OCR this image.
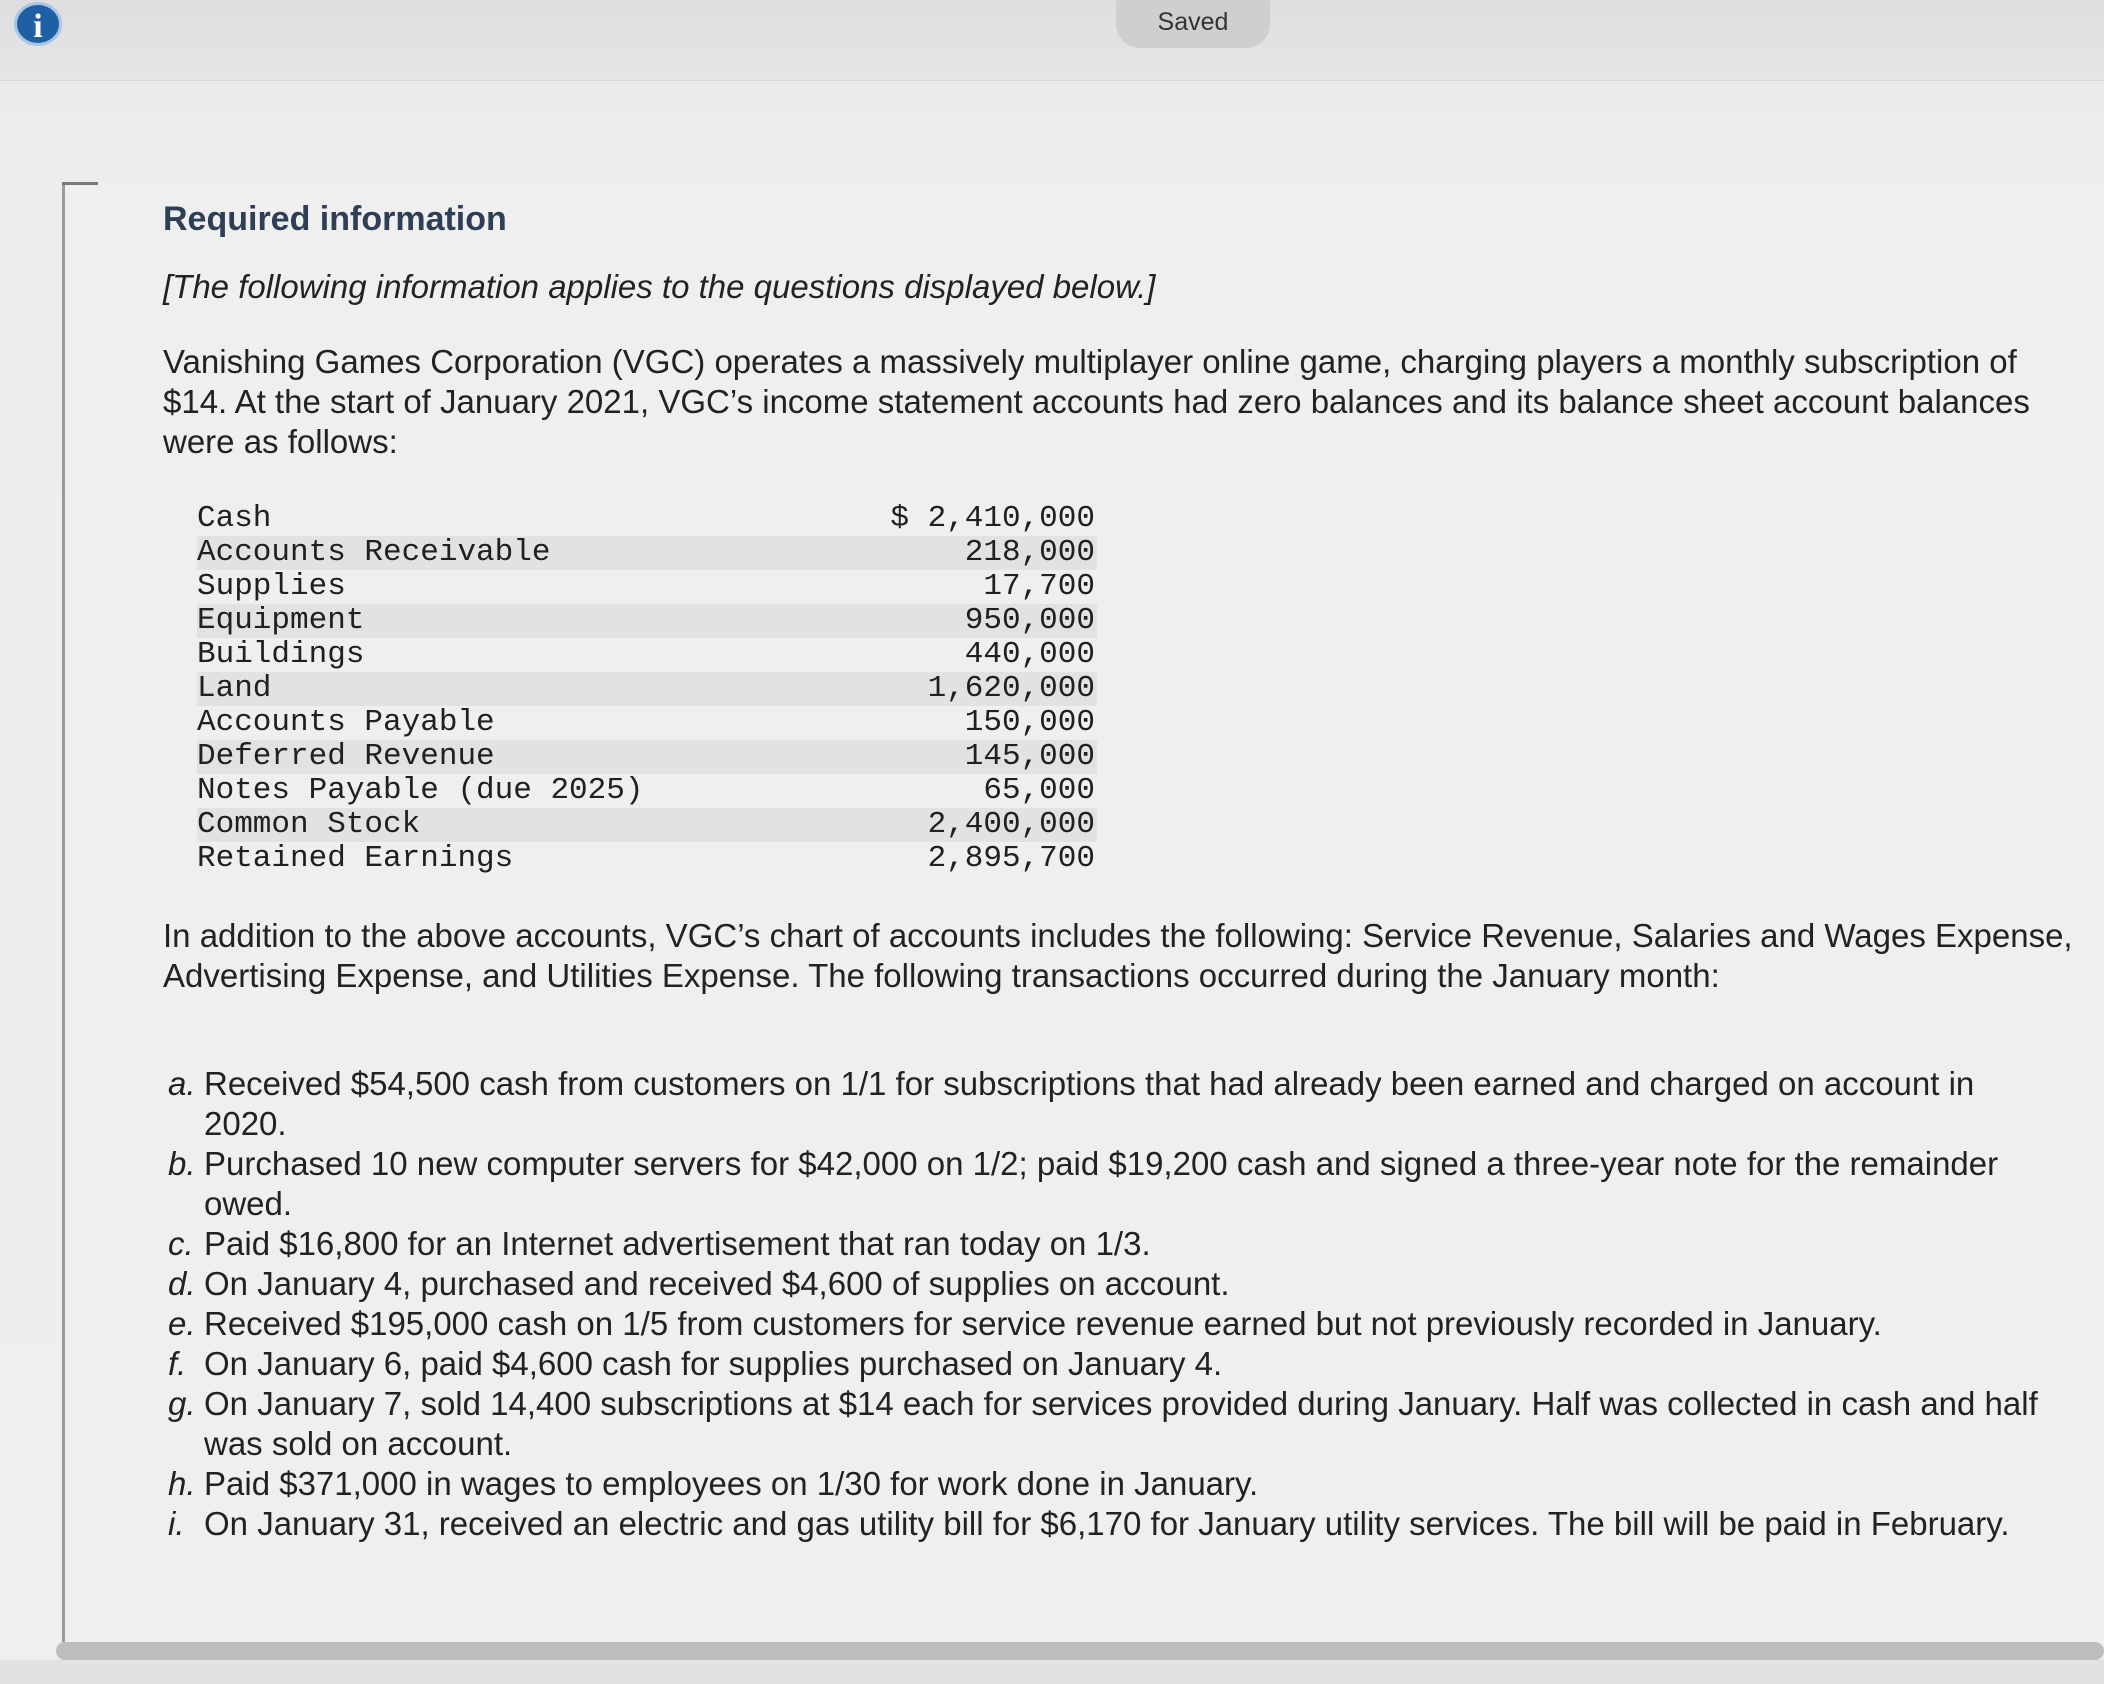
i	Saved
Required information
[The following information applies to the questions displayed below.]
Vanishing Games Corporation (VGC) operates a massively multiplayer online game, charging players a monthly subscription of $14. At the start of January 2021, VGC’s income statement accounts had zero balances and its balance sheet account balances were as follows:
Cash	$ 2,410,000
Accounts Receivable	218,000
Supplies	17,700
Equipment	950,000
Buildings	440,000
Land	1,620,000
Accounts Payable	150,000
Deferred Revenue	145,000
Notes Payable (due 2025)	65,000
Common Stock	2,400,000
Retained Earnings	2,895,700
In addition to the above accounts, VGC’s chart of accounts includes the following: Service Revenue, Salaries and Wages Expense, Advertising Expense, and Utilities Expense. The following transactions occurred during the January month:
a. Received $54,500 cash from customers on 1/1 for subscriptions that had already been earned and charged on account in 2020.
b. Purchased 10 new computer servers for $42,000 on 1/2; paid $19,200 cash and signed a three-year note for the remainder owed.
c. Paid $16,800 for an Internet advertisement that ran today on 1/3.
d. On January 4, purchased and received $4,600 of supplies on account.
e. Received $195,000 cash on 1/5 from customers for service revenue earned but not previously recorded in January.
f. On January 6, paid $4,600 cash for supplies purchased on January 4.
g. On January 7, sold 14,400 subscriptions at $14 each for services provided during January. Half was collected in cash and half was sold on account.
h. Paid $371,000 in wages to employees on 1/30 for work done in January.
i. On January 31, received an electric and gas utility bill for $6,170 for January utility services. The bill will be paid in February.
